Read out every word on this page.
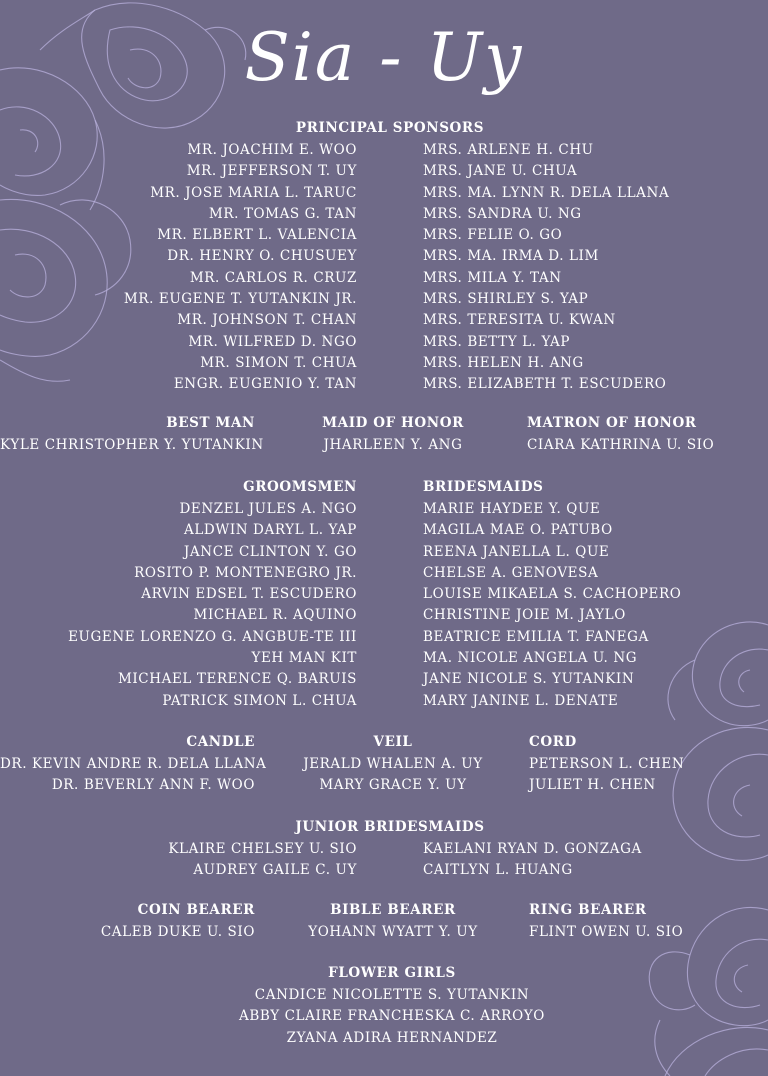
Sia - Uy
PRINCIPAL SPONSORS
MR. JOACHIM E. WOO
MR. JEFFERSON T. UY
MR. JOSE MARIA L. TARUC
MR. TOMAS G. TAN
MR. ELBERT L. VALENCIA
DR. HENRY O. CHUSUEY
MR. CARLOS R. CRUZ
MR. EUGENE T. YUTANKIN JR.
MR. JOHNSON T. CHAN
MR. WILFRED D. NGO
MR. SIMON T. CHUA
ENGR. EUGENIO Y. TAN
MRS. ARLENE H. CHU
MRS. JANE U. CHUA
MRS. MA. LYNN R. DELA LLANA
MRS. SANDRA U. NG
MRS. FELIE O. GO
MRS. MA. IRMA D. LIM
MRS. MILA Y. TAN
MRS. SHIRLEY S. YAP
MRS. TERESITA U. KWAN
MRS. BETTY L. YAP
MRS. HELEN H. ANG
MRS. ELIZABETH T. ESCUDERO
BEST MAN
KYLE CHRISTOPHER Y. YUTANKIN
MAID OF HONOR
JHARLEEN Y. ANG
MATRON OF HONOR
CIARA KATHRINA U. SIO
GROOMSMEN
DENZEL JULES A. NGO
ALDWIN DARYL L. YAP
JANCE CLINTON Y. GO
ROSITO P. MONTENEGRO JR.
ARVIN EDSEL T. ESCUDERO
MICHAEL R. AQUINO
EUGENE LORENZO G. ANGBUE-TE III
YEH MAN KIT
MICHAEL TERENCE Q. BARUIS
PATRICK SIMON L. CHUA
BRIDESMAIDS
MARIE HAYDEE Y. QUE
MAGILA MAE O. PATUBO
REENA JANELLA L. QUE
CHELSE A. GENOVESA
LOUISE MIKAELA S. CACHOPERO
CHRISTINE JOIE M. JAYLO
BEATRICE EMILIA T. FANEGA
MA. NICOLE ANGELA U. NG
JANE NICOLE S. YUTANKIN
MARY JANINE L. DENATE
CANDLE
DR. KEVIN ANDRE R. DELA LLANA
DR. BEVERLY ANN F. WOO
VEIL
JERALD WHALEN A. UY
MARY GRACE Y. UY
CORD
PETERSON L. CHEN
JULIET H. CHEN
JUNIOR BRIDESMAIDS
KLAIRE CHELSEY U. SIO
AUDREY GAILE C. UY
KAELANI RYAN D. GONZAGA
CAITLYN L. HUANG
COIN BEARER
CALEB DUKE U. SIO
BIBLE BEARER
YOHANN WYATT Y. UY
RING BEARER
FLINT OWEN U. SIO
FLOWER GIRLS
CANDICE NICOLETTE S. YUTANKIN
ABBY CLAIRE FRANCHESKA C. ARROYO
ZYANA ADIRA HERNANDEZ
